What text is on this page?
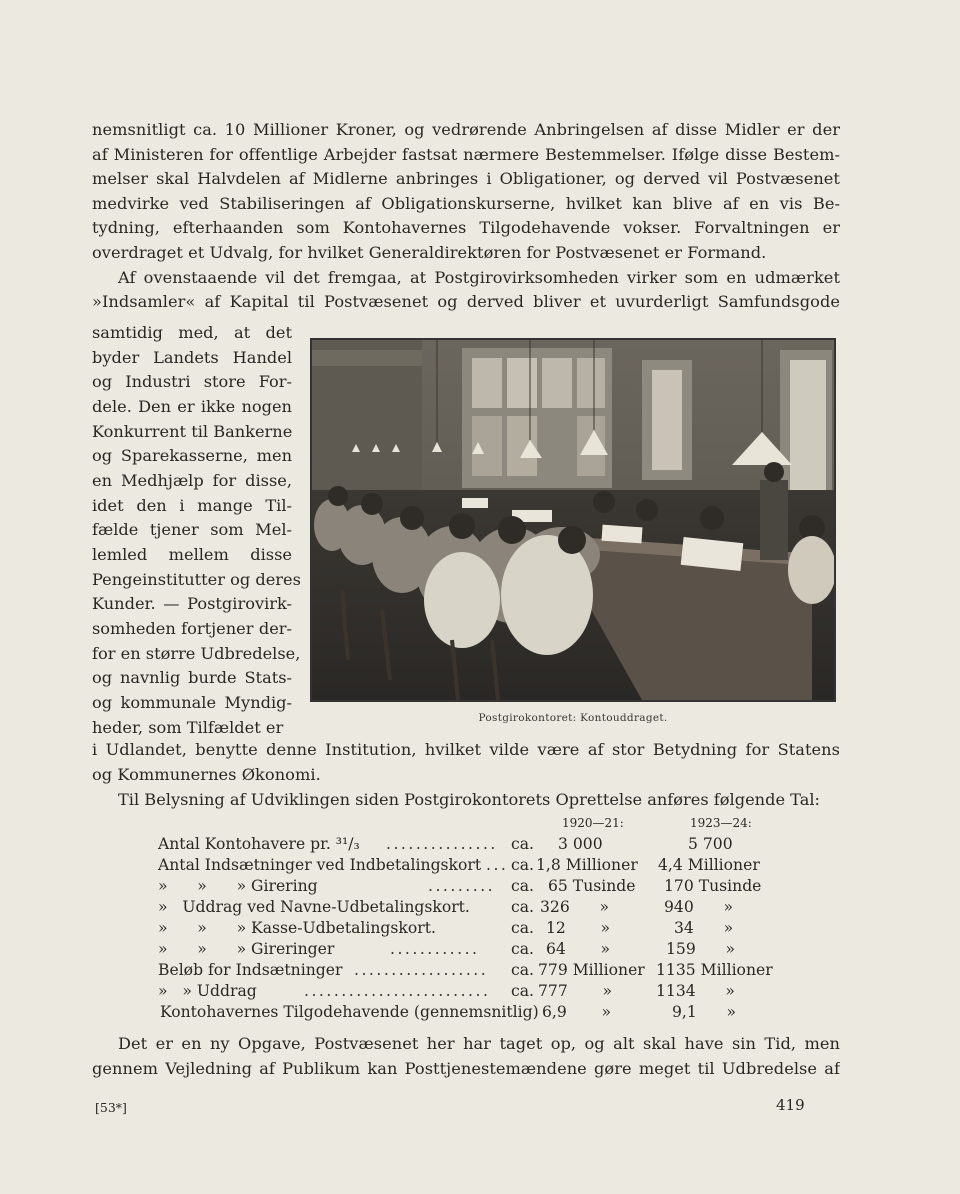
nemsnitligt ca. 10 Millioner Kroner, og vedrørende Anbringelsen af disse Midler er der
af Ministeren for offentlige Arbejder fastsat nærmere Bestemmelser. Ifølge disse Bestem-
melser skal Halvdelen af Midlerne anbringes i Obligationer, og derved vil Postvæsenet
medvirke ved Stabiliseringen af Obligationskurserne, hvilket kan blive af en vis Be-
tydning, efterhaanden som Kontohavernes Tilgodehavende vokser. Forvaltningen er
overdraget et Udvalg, for hvilket Generaldirektøren for Postvæsenet er Formand.
Af ovenstaaende vil det fremgaa, at Postgirovirksomheden virker som en udmærket
»Indsamler« af Kapital til Postvæsenet og derved bliver et uvurderligt Samfundsgode
samtidig med, at det
byder Landets Handel
og Industri store For-
dele. Den er ikke nogen
Konkurrent til Bankerne
og Sparekasserne, men
en Medhjælp for disse,
idet den i mange Til-
fælde tjener som Mel-
lemled mellem disse
Pengeinstitutter og deres
Kunder. — Postgirovirk-
somheden fortjener der-
for en større Udbredelse,
og navnlig burde Stats-
og kommunale Myndig-
heder, som Tilfældet er	Postgirokontoret: Kontouddraget.
i Udlandet, benytte denne Institution, hvilket vilde være af stor Betydning for Statens
og Kommunernes Økonomi.
Til Belysning af Udviklingen siden Postgirokontorets Oprettelse anføres følgende Tal:
1920—21:	1923—24:
Antal Kontohavere pr. ³¹/₃ ............... ca. 3 000	5 700
Antal Indsætninger ved Indbetalingskort ... ca. 1,8 Millioner	4,4 Millioner
»      »      » Girering	......... ca. 65 Tusinde	170 Tusinde
»   Uddrag ved Navne-Udbetalingskort.	ca. 326      »	940      »
»      »      » Kasse-Udbetalingskort.	ca. 12       »	34      »
»      »      » Gireringer	............ ca. 64       »	159      »
Beløb for Indsætninger .................. ca. 779 Millioner 1135 Millioner
»   » Uddrag	......................... ca. 777       »	1134      »
Kontohavernes Tilgodehavende (gennemsnitlig) 6,9       »	9,1      »
Det er en ny Opgave, Postvæsenet her har taget op, og alt skal have sin Tid, men
gennem Vejledning af Publikum kan Posttjenestemændene gøre meget til Udbredelse af
[53*]	419
